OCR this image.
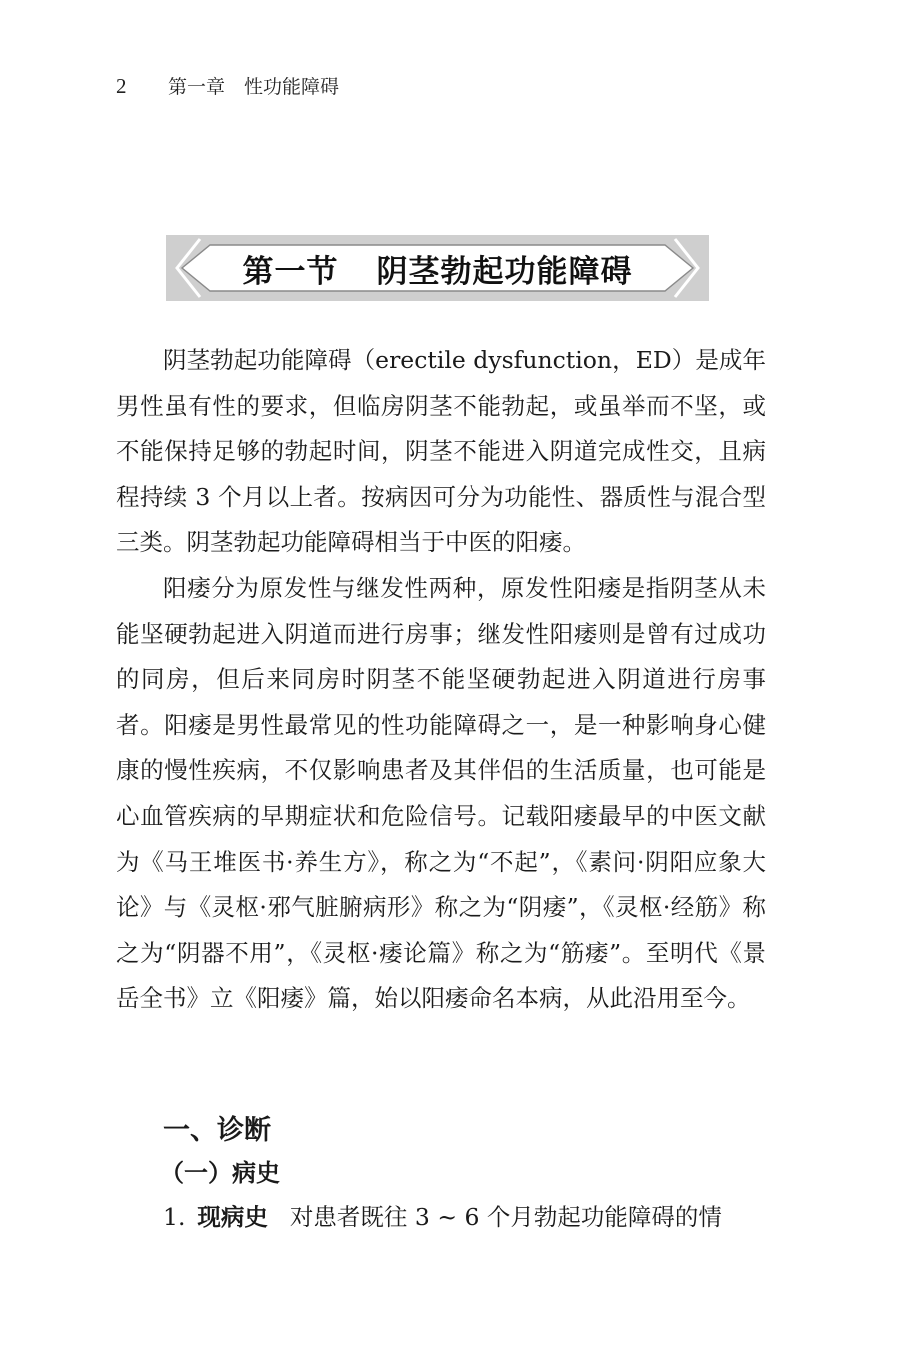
2 第一章　性功能障碍
第一节 阴茎勃起功能障碍

阴茎勃起功能障碍（erectile dysfunction，ED）是成年男性虽有性的要求，但临房阴茎不能勃起，或虽举而不坚，或不能保持足够的勃起时间，阴茎不能进入阴道完成性交，且病程持续 3 个月以上者。按病因可分为功能性、器质性与混合型三类。阴茎勃起功能障碍相当于中医的阳痿。

阳痿分为原发性与继发性两种，原发性阳痿是指阴茎从未能坚硬勃起进入阴道而进行房事；继发性阳痿则是曾有过成功的同房，但后来同房时阴茎不能坚硬勃起进入阴道进行房事者。阳痿是男性最常见的性功能障碍之一，是一种影响身心健康的慢性疾病，不仅影响患者及其伴侣的生活质量，也可能是心血管疾病的早期症状和危险信号。记载阳痿最早的中医文献为《马王堆医书·养生方》，称之为“不起”，《素问·阴阳应象大论》与《灵枢·邪气脏腑病形》称之为“阴痿”，《灵枢·经筋》称之为“阴器不用”，《灵枢·痿论篇》称之为“筋痿”。至明代《景岳全书》立《阳痿》篇，始以阳痿命名本病，从此沿用至今。

一、诊断
（一）病史
1. 现病史 对患者既往 3 ~ 6 个月勃起功能障碍的情
